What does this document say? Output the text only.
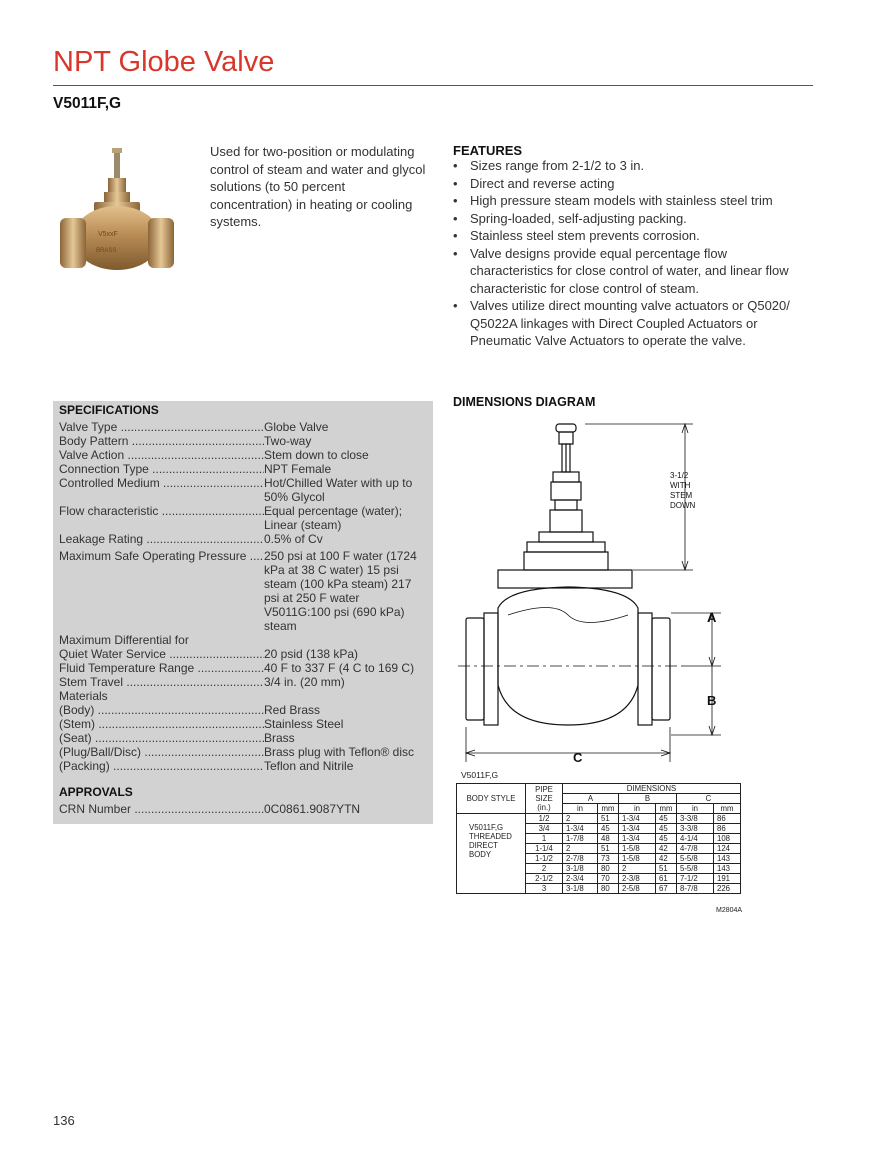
NPT Globe Valve
V5011F,G
V5xxF
BRASS
Used for two-position or modulating control of steam and water and glycol solutions (to 50 percent concentration) in heating or cooling systems.
FEATURES
• Sizes range from 2-1/2 to 3 in.
• Direct and reverse acting
• High pressure steam models with stainless steel trim
• Spring-loaded, self-adjusting packing.
• Stainless steel stem prevents corrosion.
• Valve designs provide equal percentage flow characteristics for close control of water, and linear flow characteristic for close control of steam.
• Valves utilize direct mounting valve actuators or Q5020/ Q5022A linkages with Direct Coupled Actuators or Pneumatic Valve Actuators to operate the valve.
SPECIFICATIONS
Valve Type .....	Globe Valve
Body Pattern .....	Two-way
Valve Action .....	Stem down to close
Connection Type .....	NPT Female
Controlled Medium .....	Hot/Chilled Water with up to 50% Glycol
Flow characteristic .....	Equal percentage (water); Linear (steam)
Leakage Rating .....	0.5% of Cv
Maximum Safe Operating Pressure .....	250 psi at 100 F water (1724 kPa at 38 C water) 15 psi steam (100 kPa steam) 217 psi at 250 F water V5011G:100 psi (690 kPa) steam
Maximum Differential for
Quiet Water Service .....	20 psid (138 kPa)
Fluid Temperature Range .....	40 F to 337 F (4 C to 169 C)
Stem Travel .....	3/4 in. (20 mm)
Materials
(Body) .....	Red Brass
(Stem) .....	Stainless Steel
(Seat) .....	Brass
(Plug/Ball/Disc) .....	Brass plug with Teflon® disc
(Packing) .....	Teflon and Nitrile
APPROVALS
CRN Number .....	0C0861.9087YTN
DIMENSIONS DIAGRAM
3-1/2
WITH
STEM
DOWN
A
B
C
V5011F,G
BODY STYLE	PIPE
SIZE
(in.)	DIMENSIONS					
		A		B		C	
		in	mm	in	mm	in	mm

V5011F,G
THREADED
DIRECT
BODY	1/2	2	51	1-3/4	45	3-3/8	86
	3/4	1-3/4	45	1-3/4	45	3-3/8	86
	1	1-7/8	48	1-3/4	45	4-1/4	108
	1-1/4	2	51	1-5/8	42	4-7/8	124
	1-1/2	2-7/8	73	1-5/8	42	5-5/8	143
	2	3-1/8	80	2	51	5-5/8	143
	2-1/2	2-3/4	70	2-3/8	61	7-1/2	191
	3	3-1/8	80	2-5/8	67	8-7/8	226
M2804A
136
